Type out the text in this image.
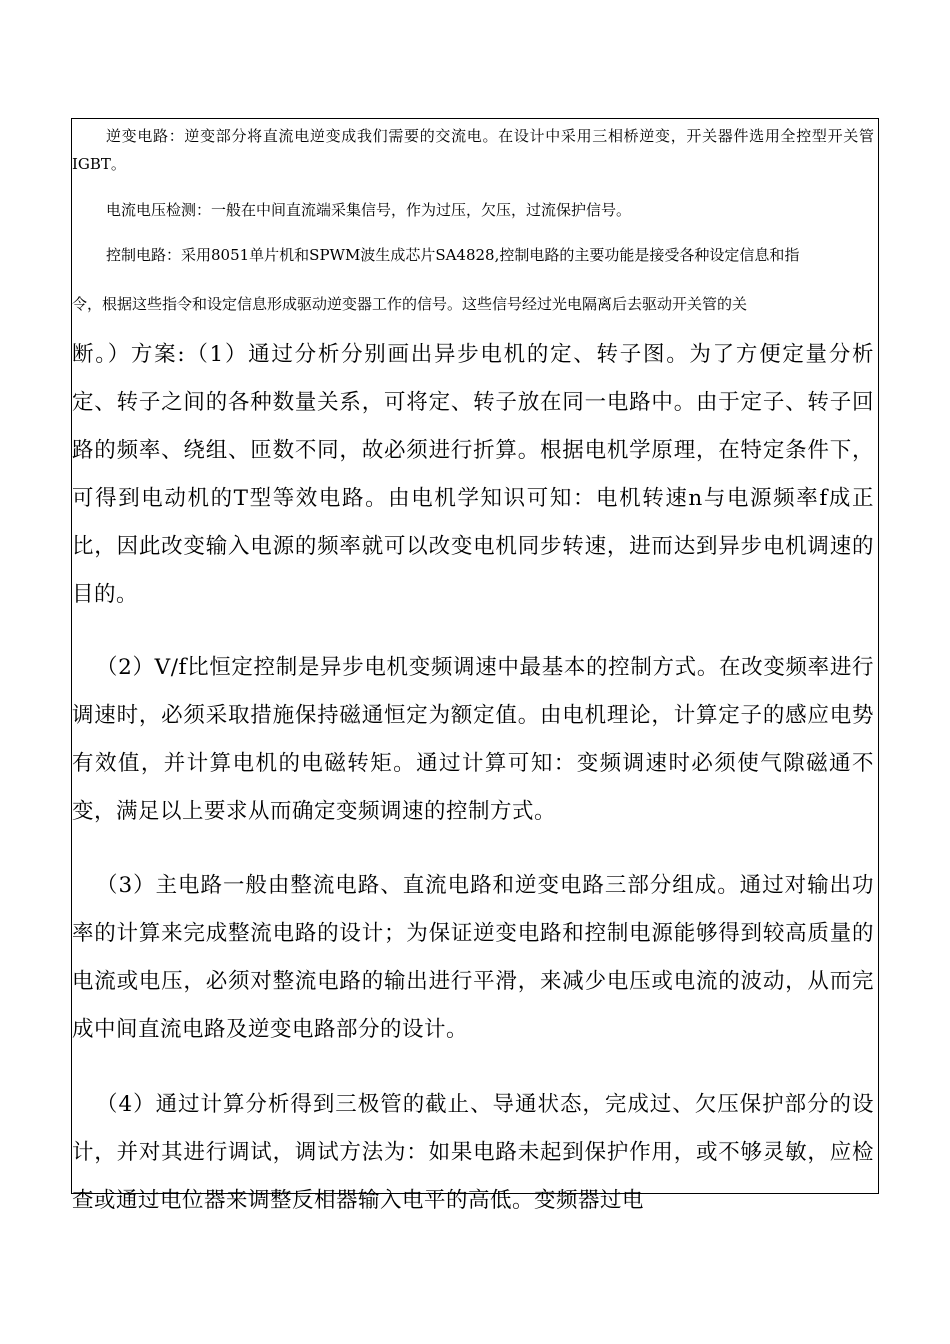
逆变电路：逆变部分将直流电逆变成我们需要的交流电。在设计中采用三相桥逆变，开关器件选用全控型开关管IGBT。

电流电压检测：一般在中间直流端采集信号，作为过压，欠压，过流保护信号。

控制电路：采用8051单片机和SPWM波生成芯片SA4828,控制电路的主要功能是接受各种设定信息和指

令，根据这些指令和设定信息形成驱动逆变器工作的信号。这些信号经过光电隔离后去驱动开关管的关

断。）方案:（1）通过分析分别画出异步电机的定、转子图。为了方便定量分析定、转子之间的各种数量关系，可将定、转子放在同一电路中。由于定子、转子回路的频率、绕组、匝数不同，故必须进行折算。根据电机学原理，在特定条件下，可得到电动机的T型等效电路。由电机学知识可知：电机转速n与电源频率f成正比，因此改变输入电源的频率就可以改变电机同步转速，进而达到异步电机调速的目的。

（2）V/f比恒定控制是异步电机变频调速中最基本的控制方式。在改变频率进行调速时，必须采取措施保持磁通恒定为额定值。由电机理论，计算定子的感应电势有效值，并计算电机的电磁转矩。通过计算可知：变频调速时必须使气隙磁通不变，满足以上要求从而确定变频调速的控制方式。

（3）主电路一般由整流电路、直流电路和逆变电路三部分组成。通过对输出功率的计算来完成整流电路的设计；为保证逆变电路和控制电源能够得到较高质量的电流或电压，必须对整流电路的输出进行平滑，来减少电压或电流的波动，从而完成中间直流电路及逆变电路部分的设计。

（4）通过计算分析得到三极管的截止、导通状态，完成过、欠压保护部分的设计，并对其进行调试，调试方法为：如果电路未起到保护作用，或不够灵敏，应检查或通过电位器来调整反相器输入电平的高低。变频器过电
